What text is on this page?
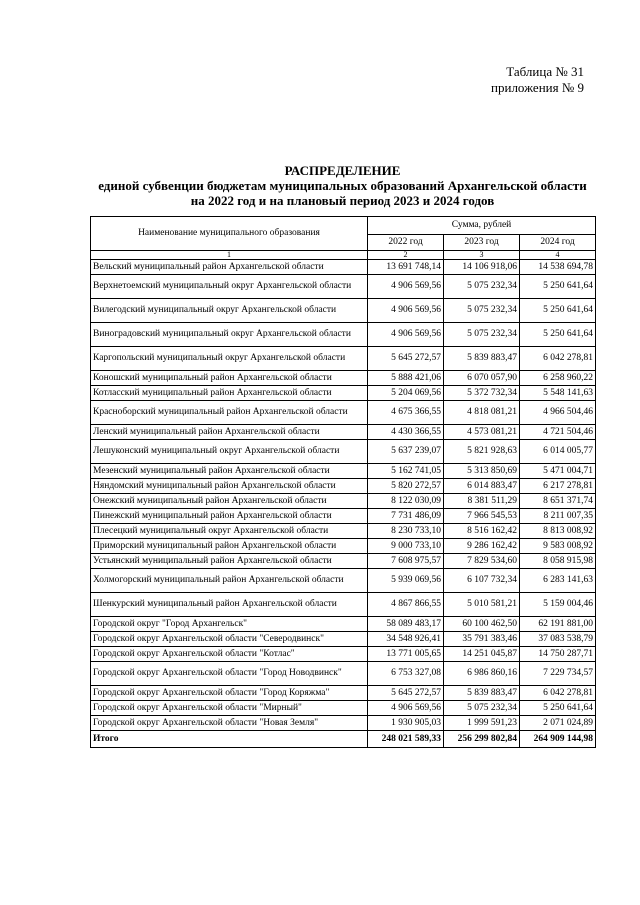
Таблица № 31
приложения № 9
РАСПРЕДЕЛЕНИЕ
единой субвенции бюджетам муниципальных образований Архангельской области
на 2022 год и на плановый период 2023 и 2024 годов
Наименование муниципального образования	Сумма, рублей		
	2022 год	2023 год	2024 год
1	2	3	4
Вельский муниципальный район Архангельской области	13 691 748,14	14 106 918,06	14 538 694,78
Верхнетоемский муниципальный округ Архангельской области	4 906 569,56	5 075 232,34	5 250 641,64
Вилегодский муниципальный округ Архангельской области	4 906 569,56	5 075 232,34	5 250 641,64
Виноградовский муниципальный округ Архангельской области	4 906 569,56	5 075 232,34	5 250 641,64
Каргопольский муниципальный округ Архангельской области	5 645 272,57	5 839 883,47	6 042 278,81
Коношский муниципальный район Архангельской области	5 888 421,06	6 070 057,90	6 258 960,22
Котласский муниципальный район Архангельской области	5 204 069,56	5 372 732,34	5 548 141,63
Красноборский муниципальный район Архангельской области	4 675 366,55	4 818 081,21	4 966 504,46
Ленский муниципальный район Архангельской области	4 430 366,55	4 573 081,21	4 721 504,46
Лешуконский муниципальный округ Архангельской области	5 637 239,07	5 821 928,63	6 014 005,77
Мезенский муниципальный район Архангельской области	5 162 741,05	5 313 850,69	5 471 004,71
Няндомский муниципальный район Архангельской области	5 820 272,57	6 014 883,47	6 217 278,81
Онежский муниципальный район Архангельской области	8 122 030,09	8 381 511,29	8 651 371,74
Пинежский муниципальный район Архангельской области	7 731 486,09	7 966 545,53	8 211 007,35
Плесецкий муниципальный округ Архангельской области	8 230 733,10	8 516 162,42	8 813 008,92
Приморский муниципальный район Архангельской области	9 000 733,10	9 286 162,42	9 583 008,92
Устьянский муниципальный район Архангельской области	7 608 975,57	7 829 534,60	8 058 915,98
Холмогорский муниципальный район Архангельской области	5 939 069,56	6 107 732,34	6 283 141,63
Шенкурский муниципальный район Архангельской области	4 867 866,55	5 010 581,21	5 159 004,46
Городской округ "Город Архангельск"	58 089 483,17	60 100 462,50	62 191 881,00
Городской округ Архангельской области "Северодвинск"	34 548 926,41	35 791 383,46	37 083 538,79
Городской округ Архангельской области "Котлас"	13 771 005,65	14 251 045,87	14 750 287,71
Городской округ Архангельской области "Город Новодвинск"	6 753 327,08	6 986 860,16	7 229 734,57
Городской округ Архангельской области "Город Коряжма"	5 645 272,57	5 839 883,47	6 042 278,81
Городской округ Архангельской области "Мирный"	4 906 569,56	5 075 232,34	5 250 641,64
Городской округ Архангельской области "Новая Земля"	1 930 905,03	1 999 591,23	2 071 024,89
Итого	248 021 589,33	256 299 802,84	264 909 144,98
